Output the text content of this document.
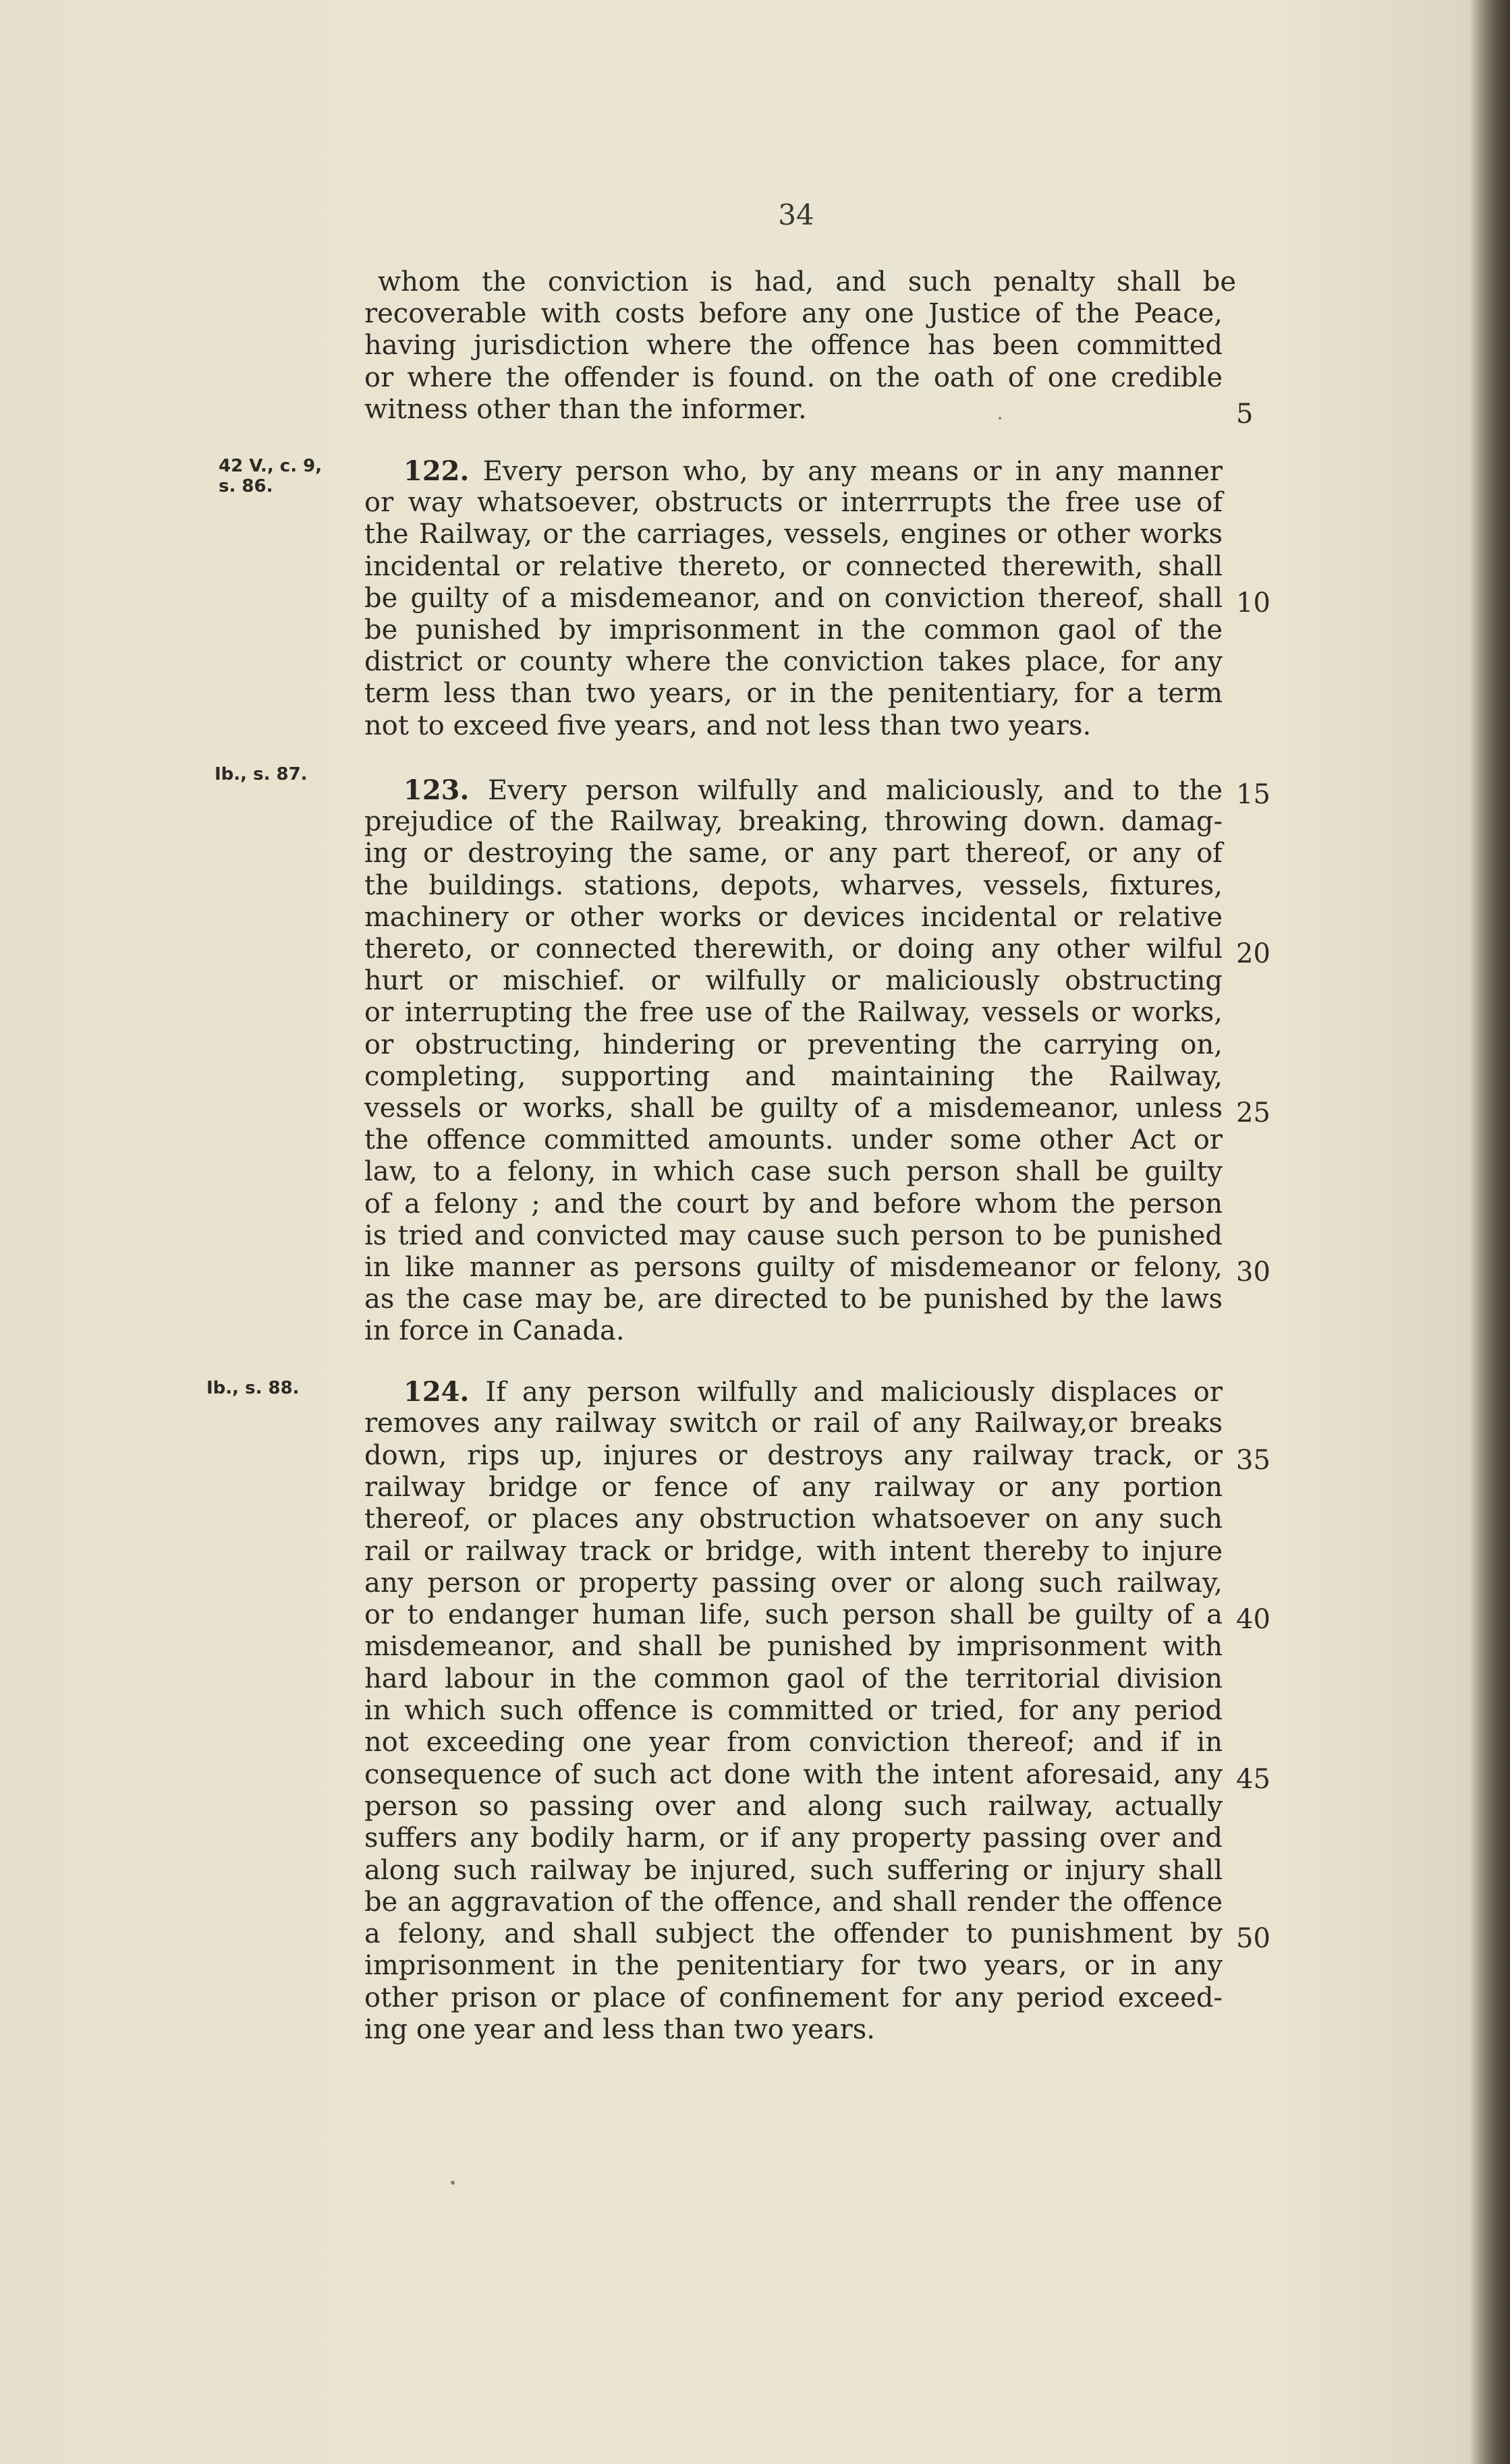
34
42 V., c. 9,
s. 86.
Ib., s. 87.
Ib., s. 88.
whom the conviction is had, and such penalty shall be
recoverable with costs before any one Justice of the Peace,
having jurisdiction where the offence has been committed
or where the offender is found. on the oath of one credible
witness other than the informer.
122. Every person who, by any means or in any manner
or way whatsoever, obstructs or interrrupts the free use of
the Railway, or the carriages, vessels, engines or other works
incidental or relative thereto, or connected therewith, shall
be guilty of a misdemeanor, and on conviction thereof, shall
be punished by imprisonment in the common gaol of the
district or county where the conviction takes place, for any
term less than two years, or in the penitentiary, for a term
not to exceed five years, and not less than two years.
123. Every person wilfully and maliciously, and to the
prejudice of the Railway, breaking, throwing down. damag-
ing or destroying the same, or any part thereof, or any of
the buildings. stations, depots, wharves, vessels, fixtures,
machinery or other works or devices incidental or relative
thereto, or connected therewith, or doing any other wilful
hurt or mischief. or wilfully or maliciously obstructing
or interrupting the free use of the Railway, vessels or works,
or obstructing, hindering or preventing the carrying on,
completing, supporting and maintaining the Railway,
vessels or works, shall be guilty of a misdemeanor, unless
the offence committed amounts. under some other Act or
law, to a felony, in which case such person shall be guilty
of a felony ; and the court by and before whom the person
is tried and convicted may cause such person to be punished
in like manner as persons guilty of misdemeanor or felony,
as the case may be, are directed to be punished by the laws
in force in Canada.
124. If any person wilfully and maliciously displaces or
removes any railway switch or rail of any Railway,or breaks
down, rips up, injures or destroys any railway track, or
railway bridge or fence of any railway or any portion
thereof, or places any obstruction whatsoever on any such
rail or railway track or bridge, with intent thereby to injure
any person or property passing over or along such railway,
or to endanger human life, such person shall be guilty of a
misdemeanor, and shall be punished by imprisonment with
hard labour in the common gaol of the territorial division
in which such offence is committed or tried, for any period
not exceeding one year from conviction thereof; and if in
consequence of such act done with the intent aforesaid, any
person so passing over and along such railway, actually
suffers any bodily harm, or if any property passing over and
along such railway be injured, such suffering or injury shall
be an aggravation of the offence, and shall render the offence
a felony, and shall subject the offender to punishment by
imprisonment in the penitentiary for two years, or in any
other prison or place of confinement for any period exceed-
ing one year and less than two years.
5
10
15
20
25
30
35
40
45
50
